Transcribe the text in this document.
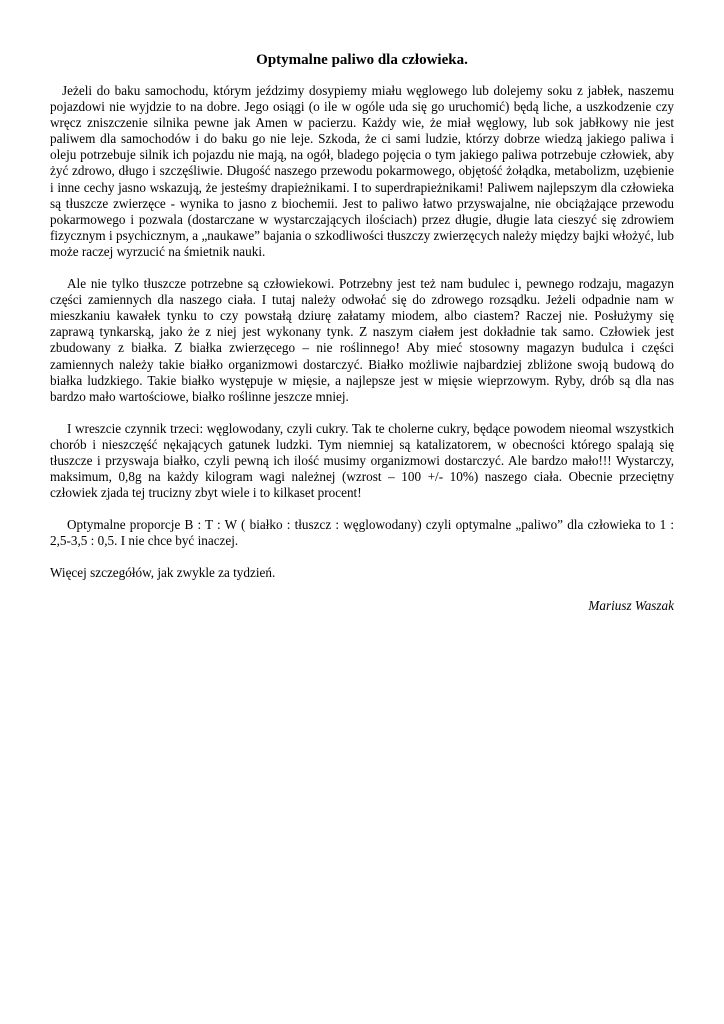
Optymalne paliwo dla człowieka.

Jeżeli do baku samochodu, którym jeździmy dosypiemy miału węglowego lub dolejemy soku z jabłek, naszemu pojazdowi nie wyjdzie to na dobre. Jego osiągi (o ile w ogóle uda się go uruchomić) będą liche, a uszkodzenie czy wręcz zniszczenie silnika pewne jak Amen w pacierzu. Każdy wie, że miał węglowy, lub sok jabłkowy nie jest paliwem dla samochodów i do baku go nie leje. Szkoda, że ci sami ludzie, którzy dobrze wiedzą jakiego paliwa i oleju potrzebuje silnik ich pojazdu nie mają, na ogół, bladego pojęcia o tym jakiego paliwa potrzebuje człowiek, aby żyć zdrowo, długo i szczęśliwie. Długość naszego przewodu pokarmowego, objętość żołądka, metabolizm, uzębienie i inne cechy jasno wskazują, że jesteśmy drapieżnikami. I to superdrapieżnikami! Paliwem najlepszym dla człowieka są tłuszcze zwierzęce - wynika to jasno z biochemii. Jest to paliwo łatwo przyswajalne, nie obciążające przewodu pokarmowego i pozwala (dostarczane w wystarczających ilościach) przez długie, długie lata cieszyć się zdrowiem fizycznym i psychicznym, a „naukawe” bajania o szkodliwości tłuszczy zwierzęcych należy między bajki włożyć, lub może raczej wyrzucić na śmietnik nauki.

Ale nie tylko tłuszcze potrzebne są człowiekowi. Potrzebny jest też nam budulec i, pewnego rodzaju, magazyn części zamiennych dla naszego ciała. I tutaj należy odwołać się do zdrowego rozsądku. Jeżeli odpadnie nam w mieszkaniu kawałek tynku to czy powstałą dziurę załatamy miodem, albo ciastem? Raczej nie. Posłużymy się zaprawą tynkarską, jako że z niej jest wykonany tynk. Z naszym ciałem jest dokładnie tak samo. Człowiek jest zbudowany z białka. Z białka zwierzęcego – nie roślinnego! Aby mieć stosowny magazyn budulca i części zamiennych należy takie białko organizmowi dostarczyć. Białko możliwie najbardziej zbliżone swoją budową do białka ludzkiego. Takie białko występuje w mięsie, a najlepsze jest w mięsie wieprzowym. Ryby, drób są dla nas bardzo mało wartościowe, białko roślinne jeszcze mniej.

I wreszcie czynnik trzeci: węglowodany, czyli cukry. Tak te cholerne cukry, będące powodem nieomal wszystkich chorób i nieszczęść nękających gatunek ludzki. Tym niemniej są katalizatorem, w obecności którego spalają się tłuszcze i przyswaja białko, czyli pewną ich ilość musimy organizmowi dostarczyć. Ale bardzo mało!!! Wystarczy, maksimum, 0,8g na każdy kilogram wagi należnej (wzrost – 100 +/- 10%) naszego ciała. Obecnie przeciętny człowiek zjada tej trucizny zbyt wiele i to kilkaset procent!

Optymalne proporcje B : T : W ( białko : tłuszcz : węglowodany) czyli optymalne „paliwo” dla człowieka to 1 : 2,5-3,5 : 0,5. I nie chce być inaczej.

Więcej szczegółów, jak zwykle za tydzień.

Mariusz Waszak
